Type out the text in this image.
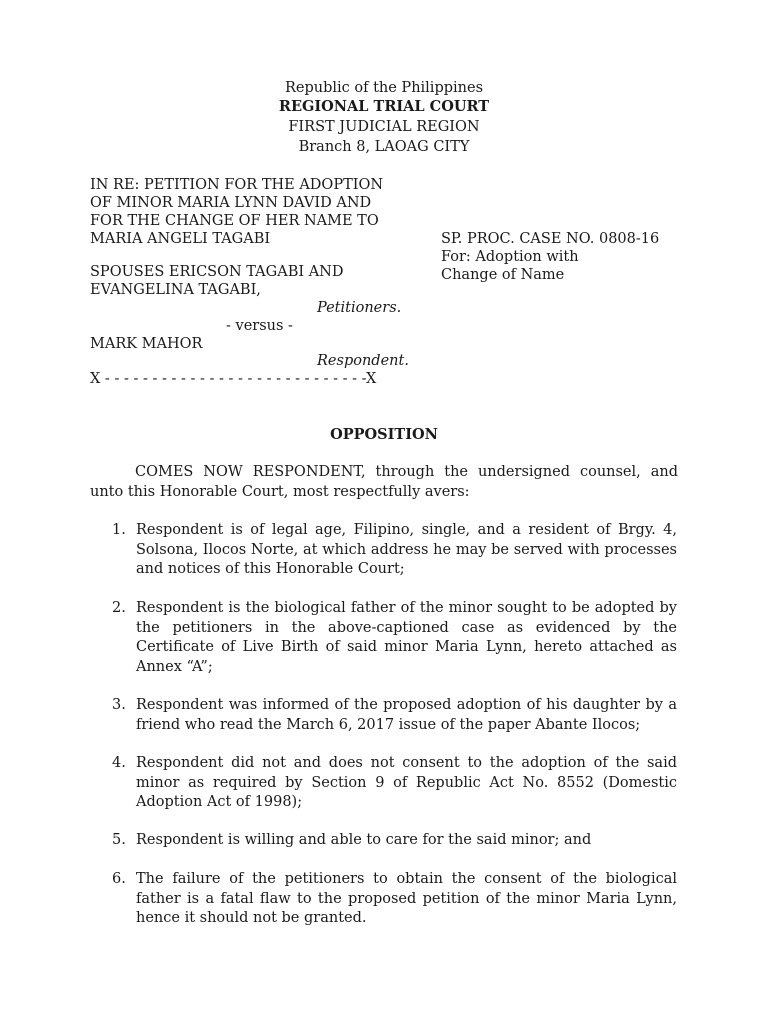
Republic of the Philippines
REGIONAL TRIAL COURT
FIRST JUDICIAL REGION
Branch 8, LAOAG CITY
IN RE: PETITION FOR THE ADOPTION
OF MINOR MARIA LYNN DAVID AND
FOR THE CHANGE OF HER NAME TO
MARIA ANGELI TAGABI	SP. PROC. CASE NO. 0808-16
For: Adoption with
Change of Name
SPOUSES ERICSON TAGABI AND
EVANGELINA TAGABI,
Petitioners.
- versus -
MARK MAHOR
Respondent.
X - - - - - - - - - - - - - - - - - - - - - - - - - - - -X
OPPOSITION
COMES NOW RESPONDENT, through the undersigned counsel, and unto this Honorable Court, most respectfully avers:
1. Respondent is of legal age, Filipino, single, and a resident of Brgy. 4, Solsona, Ilocos Norte, at which address he may be served with processes and notices of this Honorable Court;
2. Respondent is the biological father of the minor sought to be adopted by the petitioners in the above-captioned case as evidenced by the Certificate of Live Birth of said minor Maria Lynn, hereto attached as Annex “A”;
3. Respondent was informed of the proposed adoption of his daughter by a friend who read the March 6, 2017 issue of the paper Abante Ilocos;
4. Respondent did not and does not consent to the adoption of the said minor as required by Section 9 of Republic Act No. 8552 (Domestic Adoption Act of 1998);
5. Respondent is willing and able to care for the said minor; and
6. The failure of the petitioners to obtain the consent of the biological father is a fatal flaw to the proposed petition of the minor Maria Lynn, hence it should not be granted.
